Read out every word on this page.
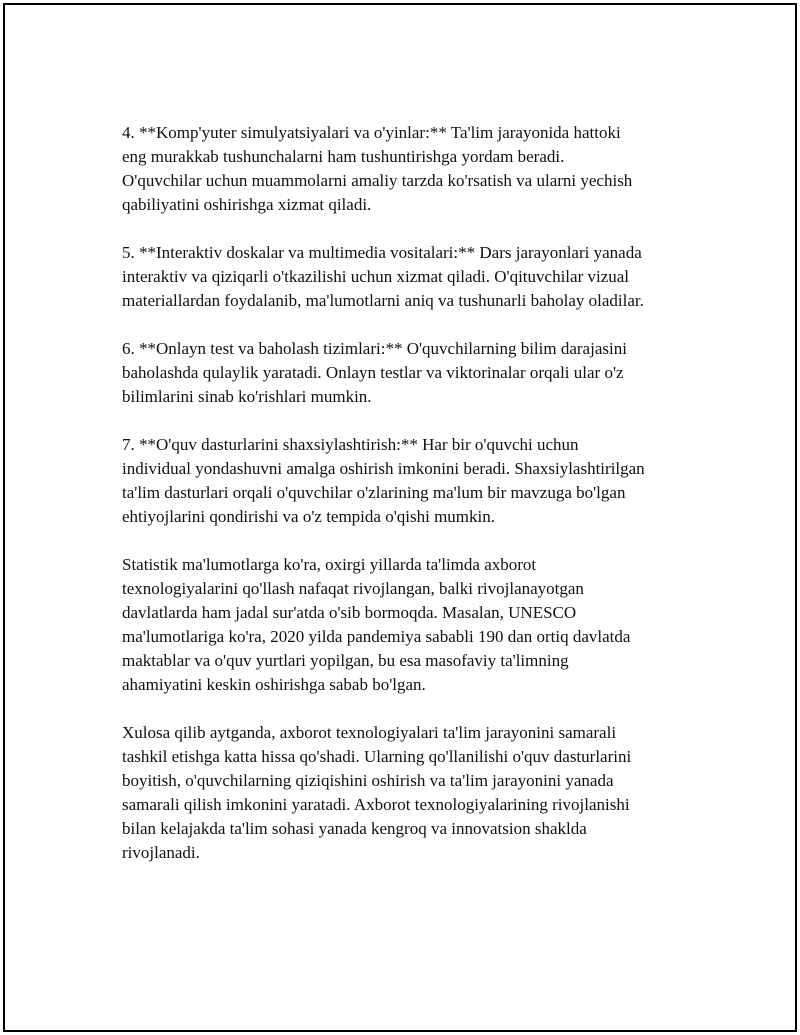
4. **Komp'yuter simulyatsiyalari va o'yinlar:** Ta'lim jarayonida hattoki
eng murakkab tushunchalarni ham tushuntirishga yordam beradi.
O'quvchilar uchun muammolarni amaliy tarzda ko'rsatish va ularni yechish
qabiliyatini oshirishga xizmat qiladi.

5. **Interaktiv doskalar va multimedia vositalari:** Dars jarayonlari yanada
interaktiv va qiziqarli o'tkazilishi uchun xizmat qiladi. O'qituvchilar vizual
materiallardan foydalanib, ma'lumotlarni aniq va tushunarli baholay oladilar.

6. **Onlayn test va baholash tizimlari:** O'quvchilarning bilim darajasini
baholashda qulaylik yaratadi. Onlayn testlar va viktorinalar orqali ular o'z
bilimlarini sinab ko'rishlari mumkin.

7. **O'quv dasturlarini shaxsiylashtirish:** Har bir o'quvchi uchun
individual yondashuvni amalga oshirish imkonini beradi. Shaxsiylashtirilgan
ta'lim dasturlari orqali o'quvchilar o'zlarining ma'lum bir mavzuga bo'lgan
ehtiyojlarini qondirishi va o'z tempida o'qishi mumkin.

Statistik ma'lumotlarga ko'ra, oxirgi yillarda ta'limda axborot
texnologiyalarini qo'llash nafaqat rivojlangan, balki rivojlanayotgan
davlatlarda ham jadal sur'atda o'sib bormoqda. Masalan, UNESCO
ma'lumotlariga ko'ra, 2020 yilda pandemiya sababli 190 dan ortiq davlatda
maktablar va o'quv yurtlari yopilgan, bu esa masofaviy ta'limning
ahamiyatini keskin oshirishga sabab bo'lgan.

Xulosa qilib aytganda, axborot texnologiyalari ta'lim jarayonini samarali
tashkil etishga katta hissa qo'shadi. Ularning qo'llanilishi o'quv dasturlarini
boyitish, o'quvchilarning qiziqishini oshirish va ta'lim jarayonini yanada
samarali qilish imkonini yaratadi. Axborot texnologiyalarining rivojlanishi
bilan kelajakda ta'lim sohasi yanada kengroq va innovatsion shaklda
rivojlanadi.
